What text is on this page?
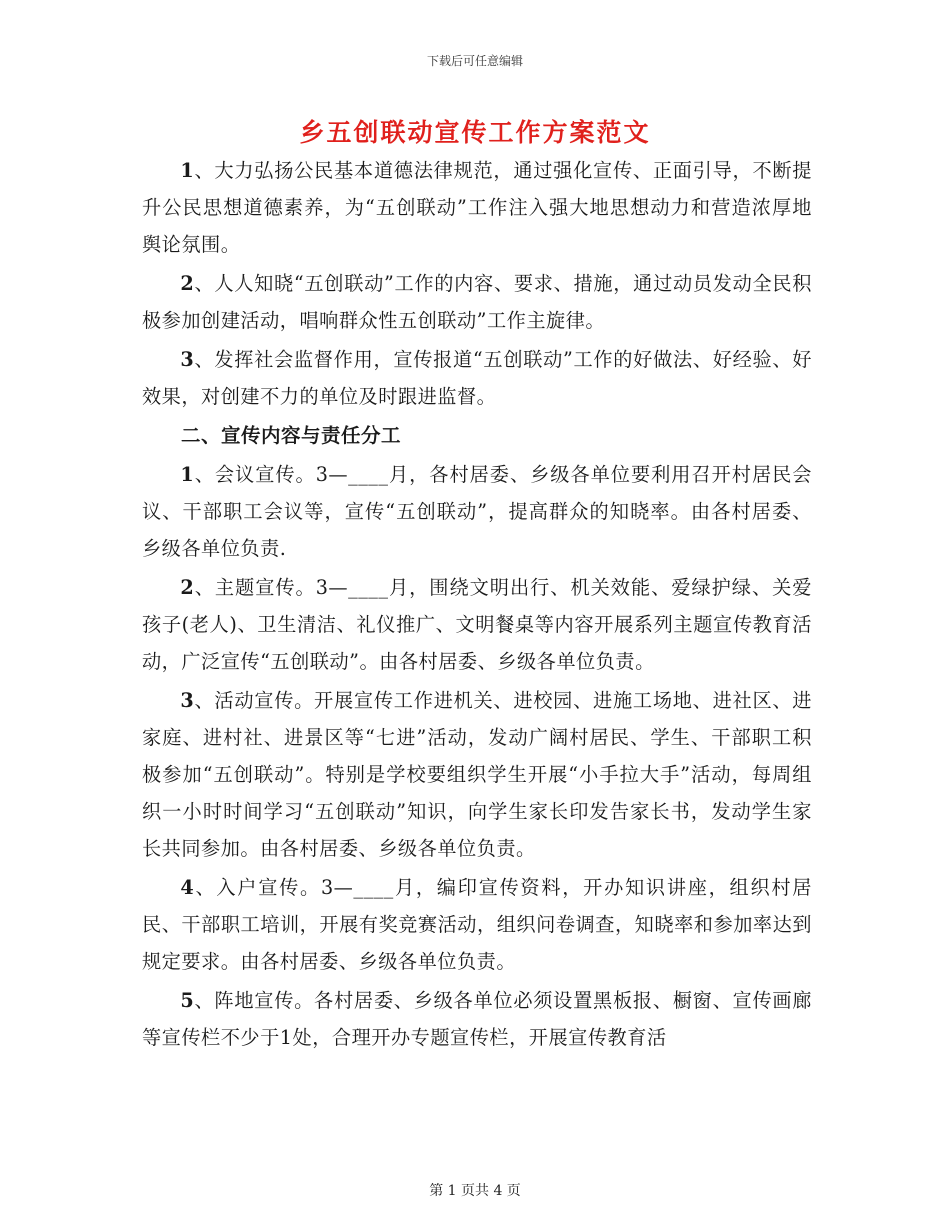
下载后可任意编辑
乡五创联动宣传工作方案范文

1、大力弘扬公民基本道德法律规范，通过强化宣传、正面引导，不断提升公民思想道德素养，为“五创联动”工作注入强大地思想动力和营造浓厚地舆论氛围。

2、人人知晓“五创联动”工作的内容、要求、措施，通过动员发动全民积极参加创建活动，唱响群众性五创联动”工作主旋律。

3、发挥社会监督作用，宣传报道“五创联动”工作的好做法、好经验、好效果，对创建不力的单位及时跟进监督。

二、宣传内容与责任分工

1、会议宣传。3—____月，各村居委、乡级各单位要利用召开村居民会议、干部职工会议等，宣传“五创联动”，提高群众的知晓率。由各村居委、乡级各单位负责.

2、主题宣传。3—____月，围绕文明出行、机关效能、爱绿护绿、关爱孩子(老人)、卫生清洁、礼仪推广、文明餐桌等内容开展系列主题宣传教育活动，广泛宣传“五创联动”。由各村居委、乡级各单位负责。

3、活动宣传。开展宣传工作进机关、进校园、进施工场地、进社区、进家庭、进村社、进景区等“七进”活动，发动广阔村居民、学生、干部职工积极参加“五创联动”。特别是学校要组织学生开展“小手拉大手”活动，每周组织一小时时间学习“五创联动”知识，向学生家长印发告家长书，发动学生家长共同参加。由各村居委、乡级各单位负责。

4、入户宣传。3—____月，编印宣传资料，开办知识讲座，组织村居民、干部职工培训，开展有奖竞赛活动，组织问卷调查，知晓率和参加率达到规定要求。由各村居委、乡级各单位负责。

5、阵地宣传。各村居委、乡级各单位必须设置黑板报、橱窗、宣传画廊等宣传栏不少于1处，合理开办专题宣传栏，开展宣传教育活

第 1 页共 4 页
